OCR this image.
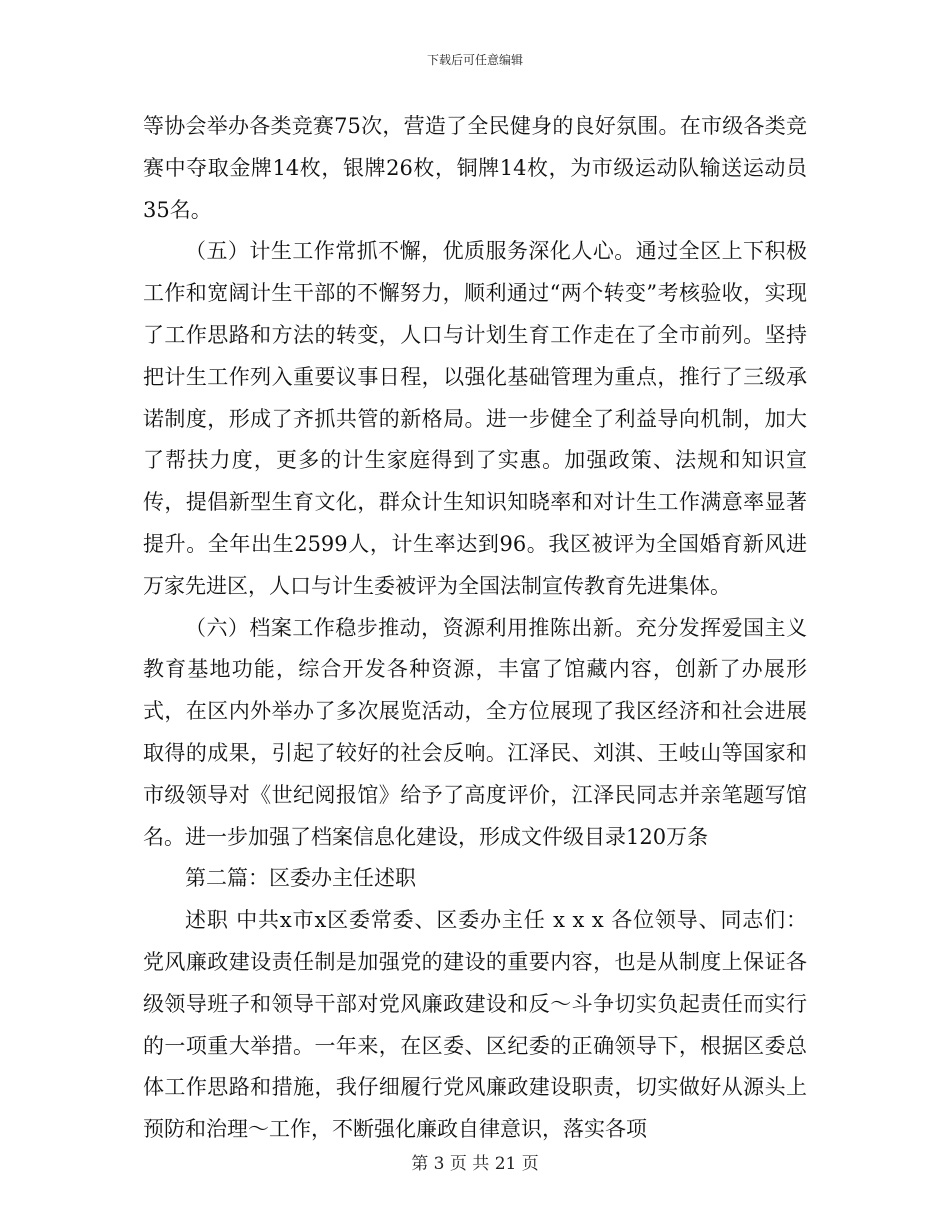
下载后可任意编辑

等协会举办各类竞赛75次，营造了全民健身的良好氛围。在市级各类竞赛中夺取金牌14枚，银牌26枚，铜牌14枚，为市级运动队输送运动员35名。

（五）计生工作常抓不懈，优质服务深化人心。通过全区上下积极工作和宽阔计生干部的不懈努力，顺利通过“两个转变”考核验收，实现了工作思路和方法的转变，人口与计划生育工作走在了全市前列。坚持把计生工作列入重要议事日程，以强化基础管理为重点，推行了三级承诺制度，形成了齐抓共管的新格局。进一步健全了利益导向机制，加大了帮扶力度，更多的计生家庭得到了实惠。加强政策、法规和知识宣传，提倡新型生育文化，群众计生知识知晓率和对计生工作满意率显著提升。全年出生2599人，计生率达到96。我区被评为全国婚育新风进万家先进区，人口与计生委被评为全国法制宣传教育先进集体。

（六）档案工作稳步推动，资源利用推陈出新。充分发挥爱国主义教育基地功能，综合开发各种资源，丰富了馆藏内容，创新了办展形式，在区内外举办了多次展览活动，全方位展现了我区经济和社会进展取得的成果，引起了较好的社会反响。江泽民、刘淇、王岐山等国家和市级领导对《世纪阅报馆》给予了高度评价，江泽民同志并亲笔题写馆名。进一步加强了档案信息化建设，形成文件级目录120万条

第二篇：区委办主任述职

述职 中共x市x区委常委、区委办主任 x x x 各位领导、同志们： 党风廉政建设责任制是加强党的建设的重要内容，也是从制度上保证各级领导班子和领导干部对党风廉政建设和反～斗争切实负起责任而实行的一项重大举措。一年来，在区委、区纪委的正确领导下，根据区委总体工作思路和措施，我仔细履行党风廉政建设职责，切实做好从源头上预防和治理～工作，不断强化廉政自律意识，落实各项

第 3 页 共 21 页
